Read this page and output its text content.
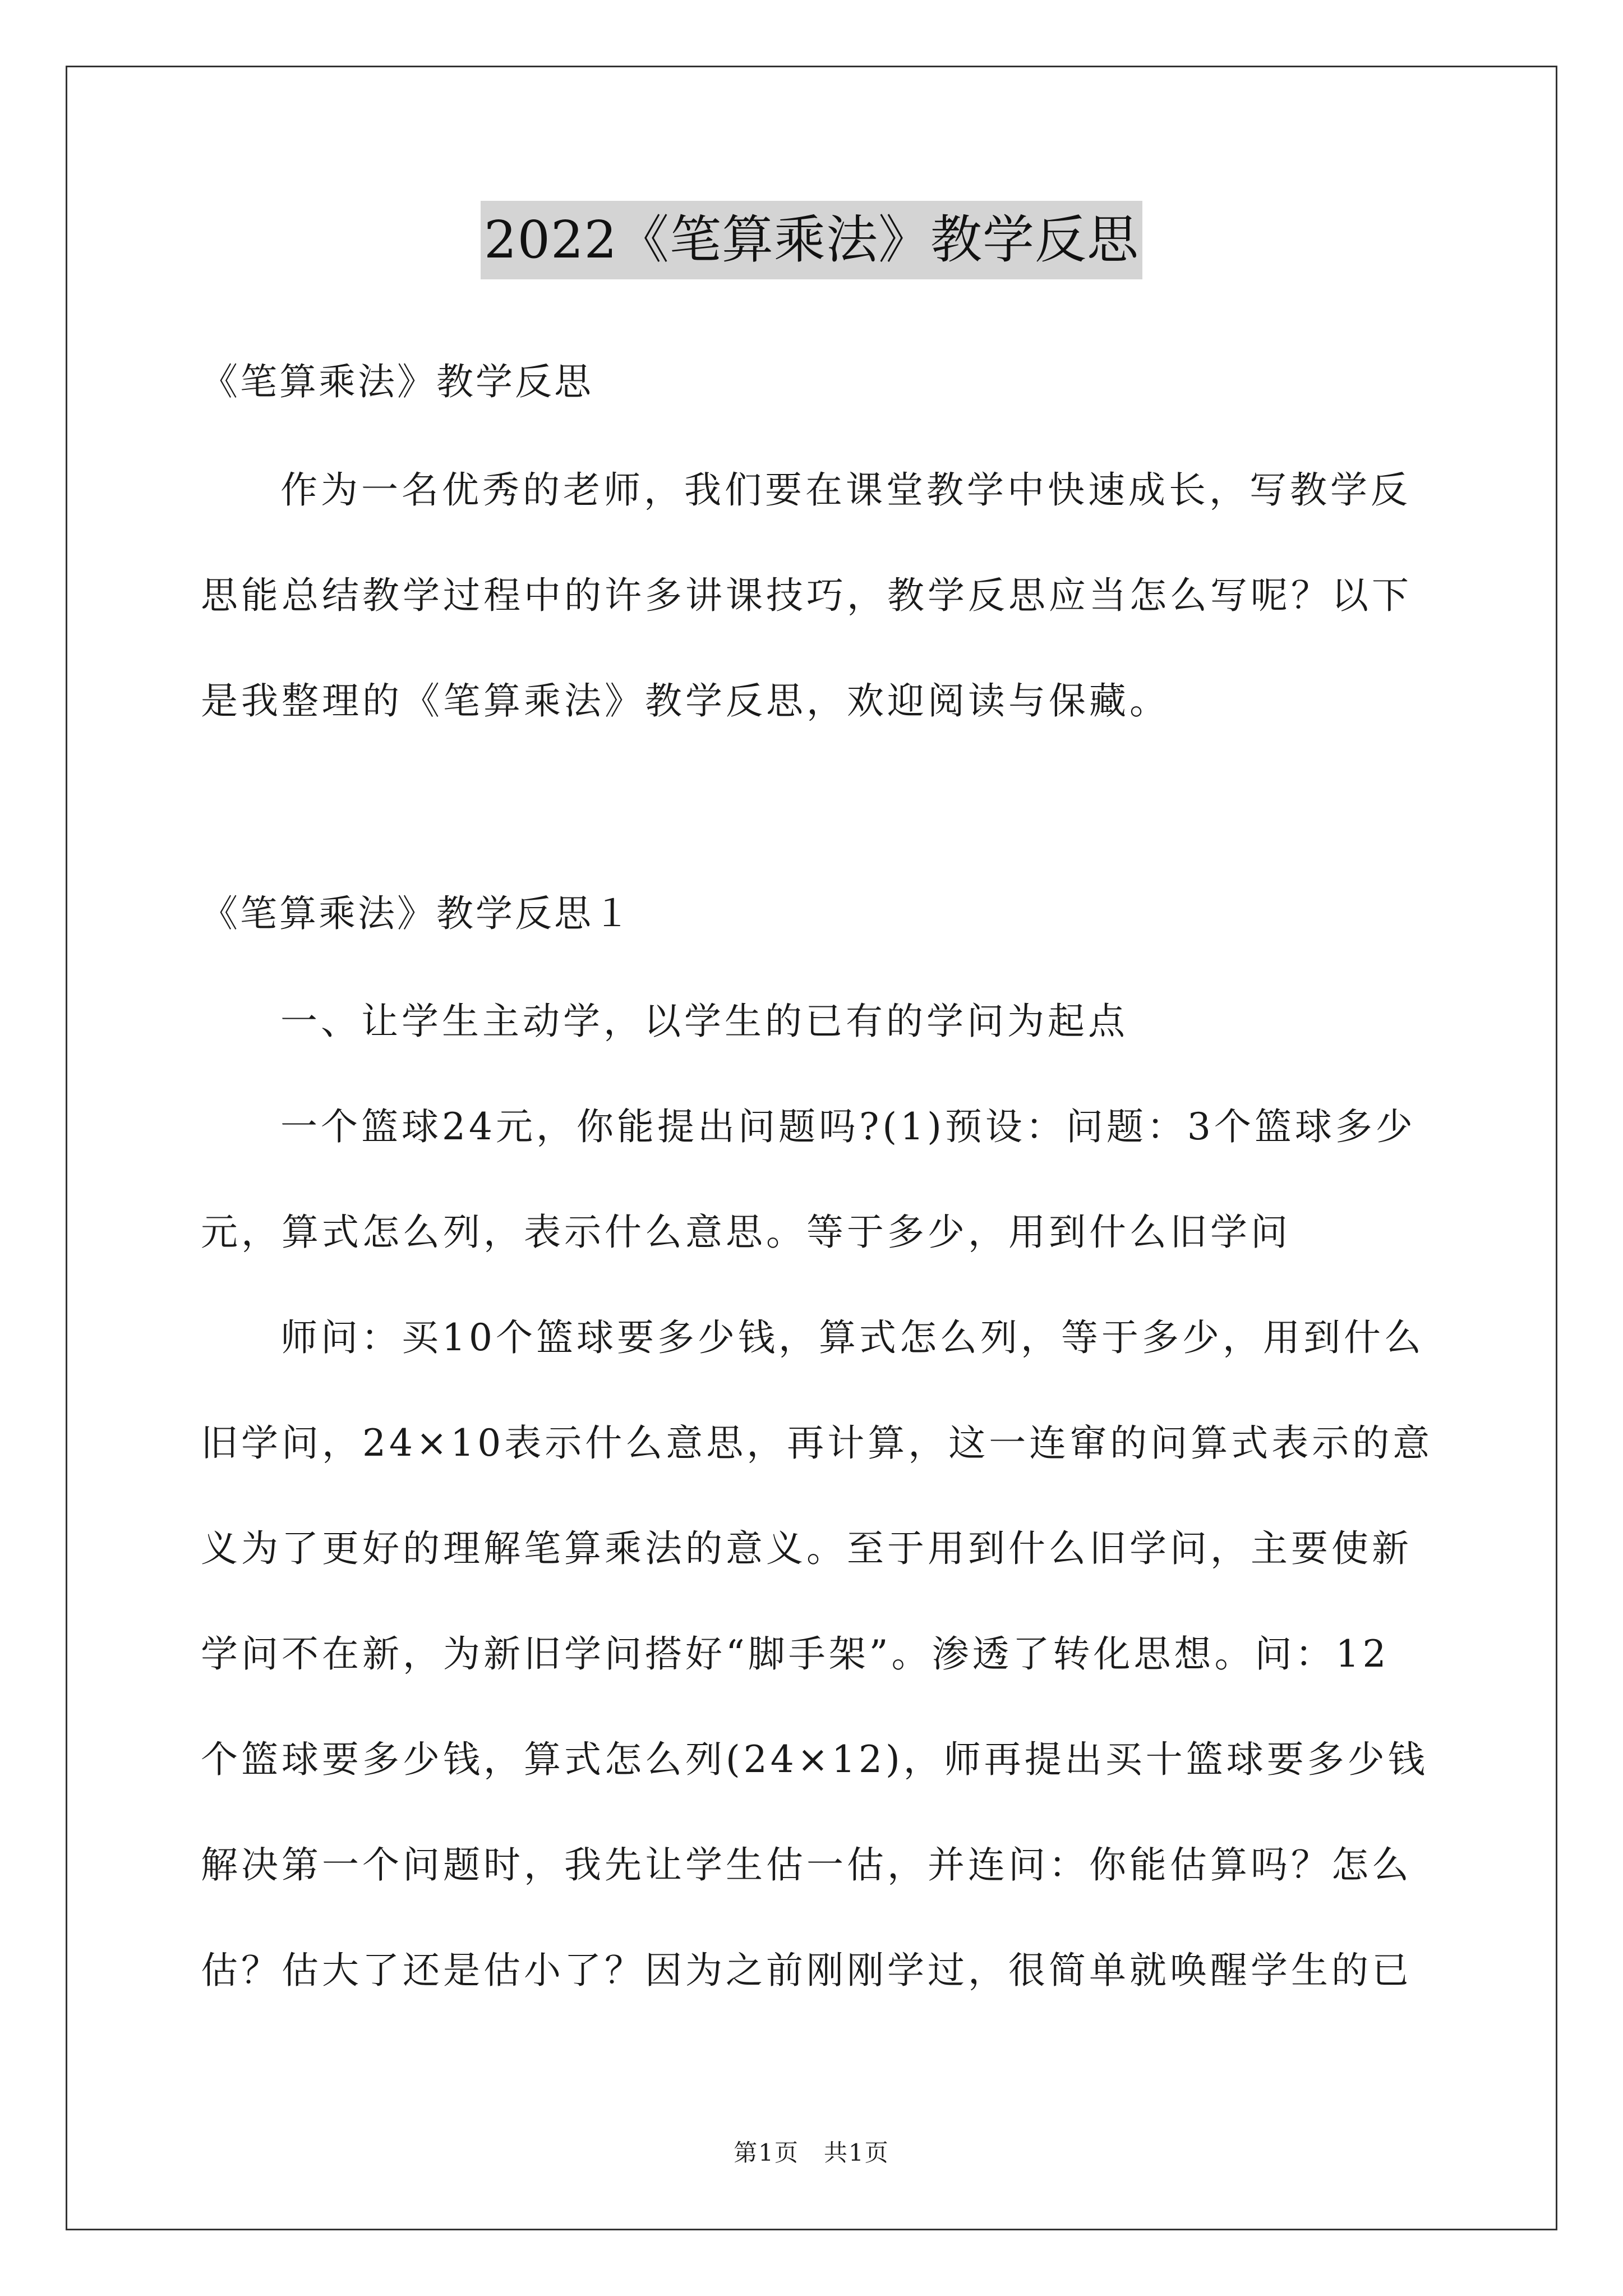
2022《笔算乘法》教学反思
《笔算乘法》教学反思
作为一名优秀的老师，我们要在课堂教学中快速成长，写教学反
思能总结教学过程中的许多讲课技巧，教学反思应当怎么写呢？以下
是我整理的《笔算乘法》教学反思，欢迎阅读与保藏。
《笔算乘法》教学反思１
一、让学生主动学，以学生的已有的学问为起点
一个篮球24元，你能提出问题吗?(1)预设：问题：3个篮球多少
元，算式怎么列，表示什么意思。等于多少，用到什么旧学问
师问：买10个篮球要多少钱，算式怎么列，等于多少，用到什么
旧学问，24×10表示什么意思，再计算，这一连窜的问算式表示的意
义为了更好的理解笔算乘法的意义。至于用到什么旧学问，主要使新
学问不在新，为新旧学问搭好“脚手架”。渗透了转化思想。问：12
个篮球要多少钱，算式怎么列(24×12)，师再提出买十篮球要多少钱
解决第一个问题时，我先让学生估一估，并连问：你能估算吗？怎么
估？估大了还是估小了？因为之前刚刚学过，很简单就唤醒学生的已
第1页　共1页
